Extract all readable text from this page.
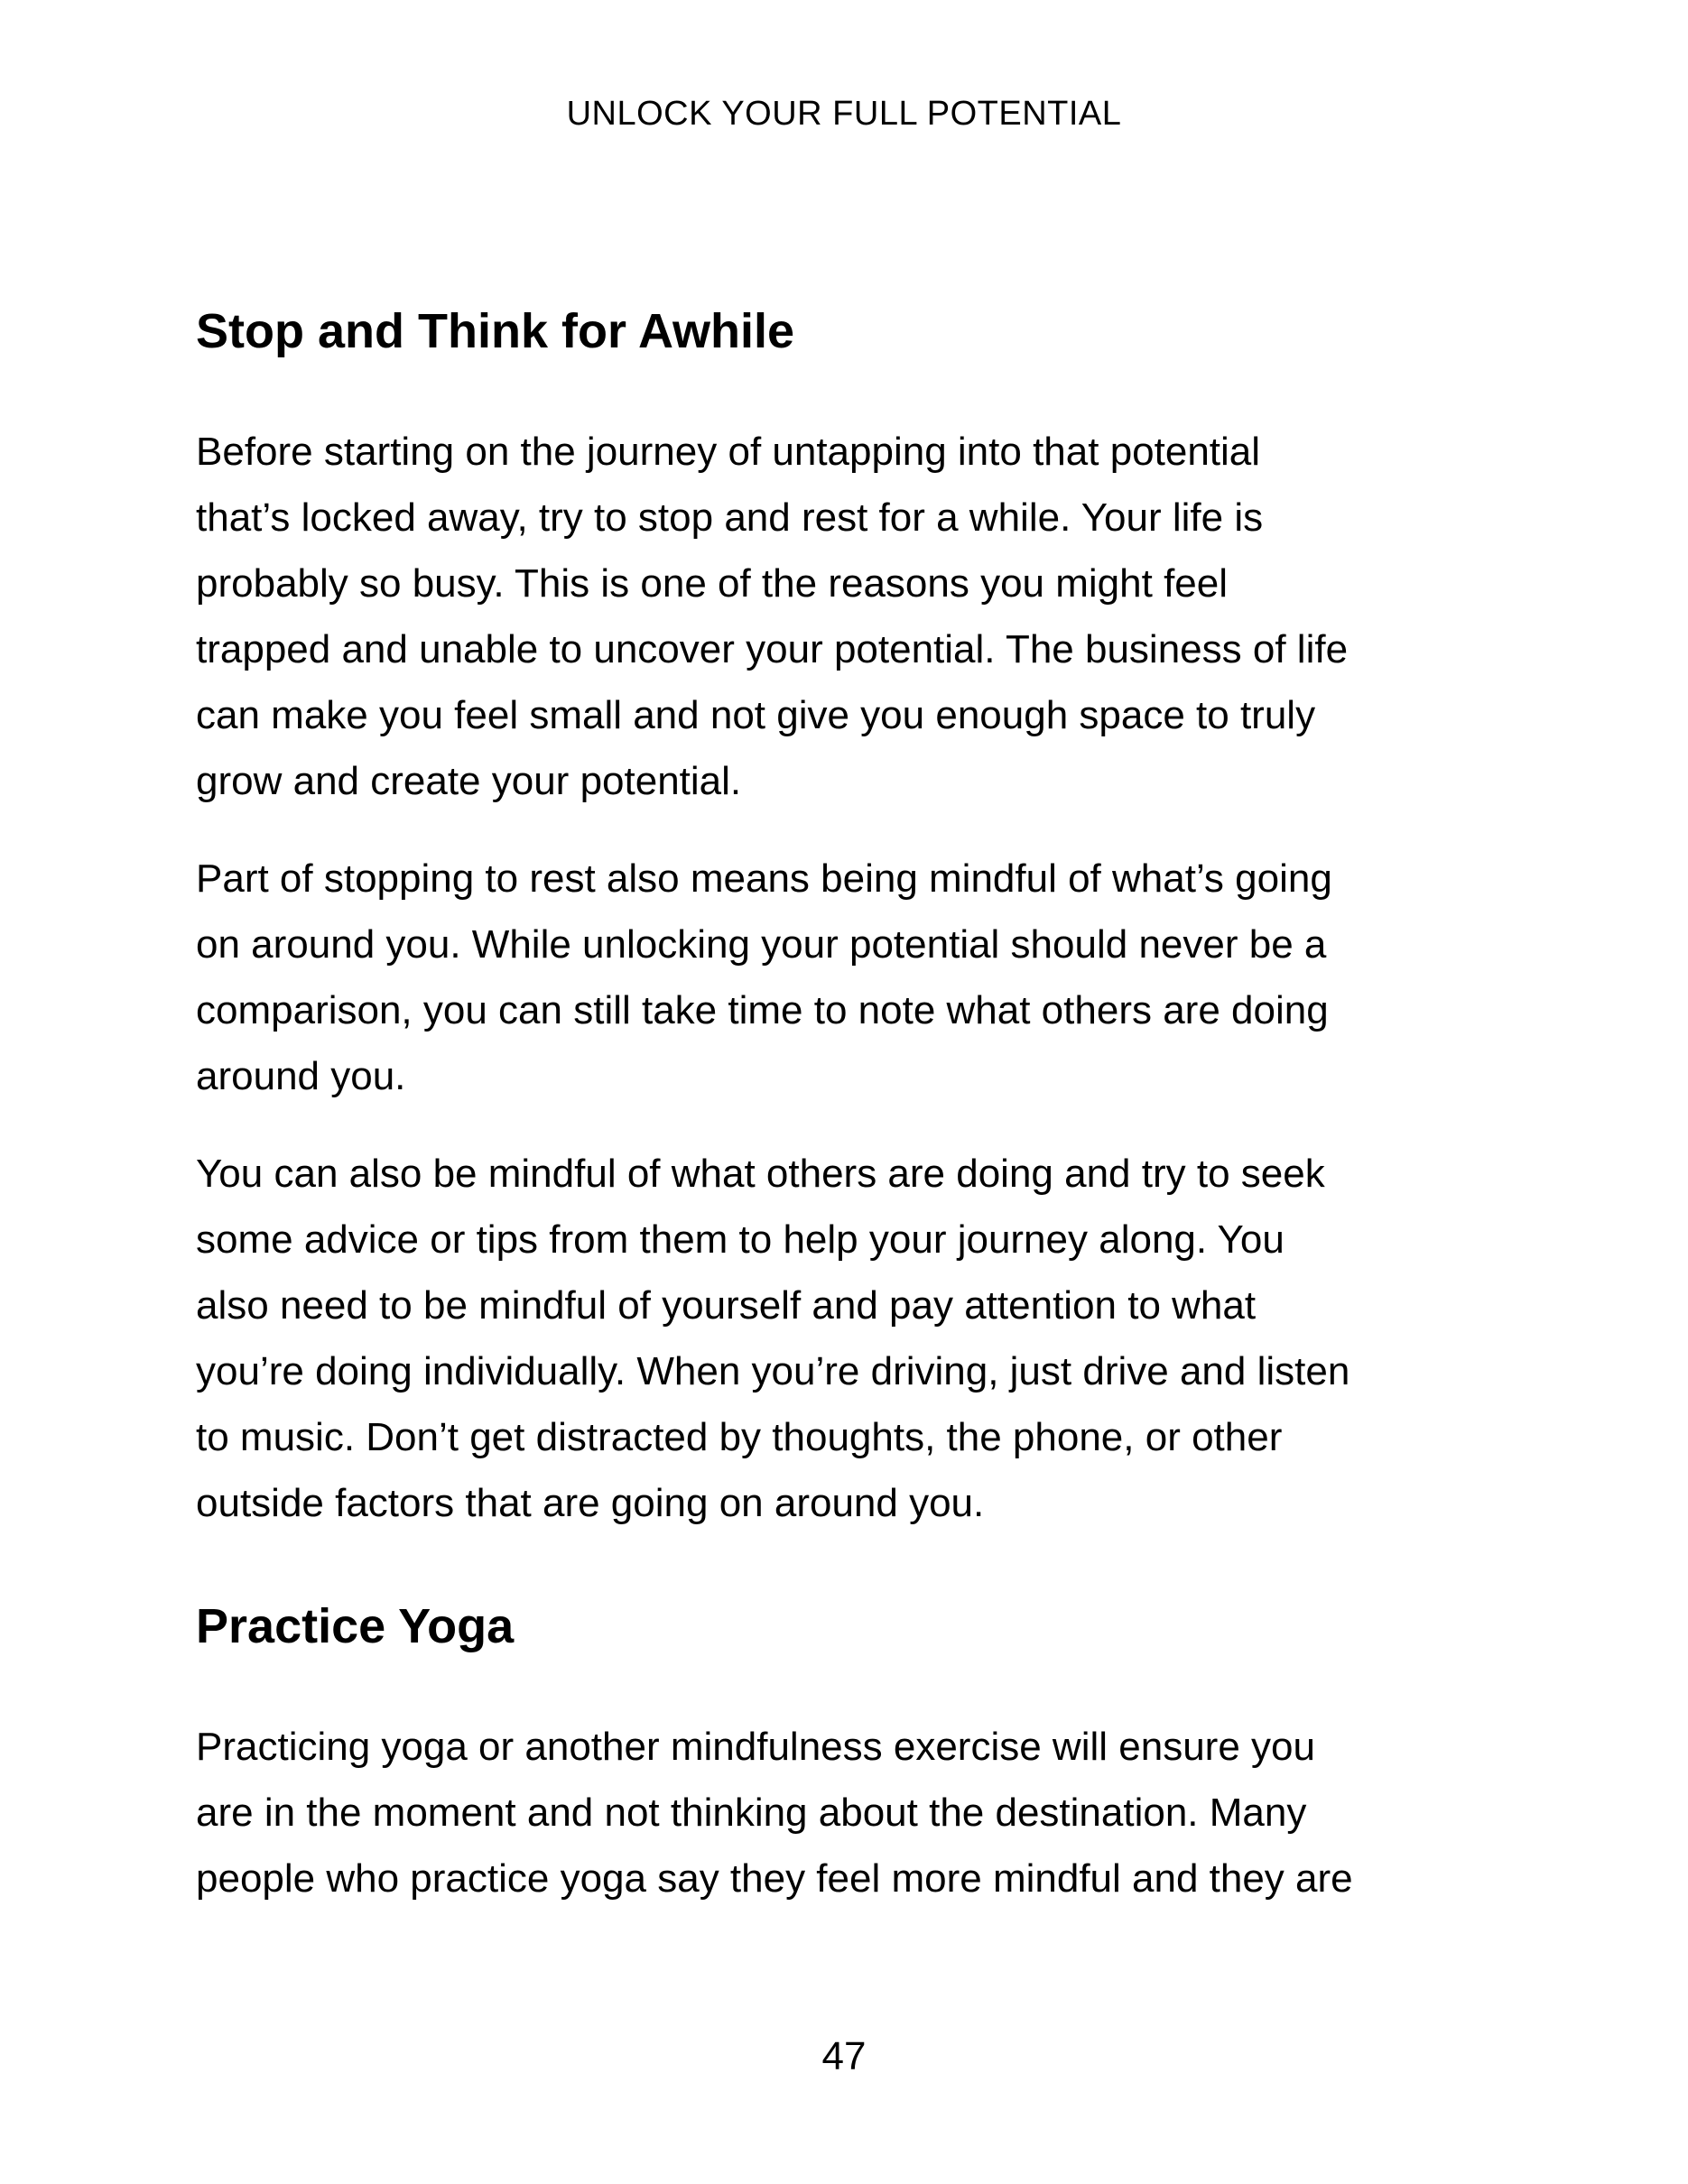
UNLOCK YOUR FULL POTENTIAL
Stop and Think for Awhile
Before starting on the journey of untapping into that potential
that’s locked away, try to stop and rest for a while. Your life is
probably so busy. This is one of the reasons you might feel
trapped and unable to uncover your potential. The business of life
can make you feel small and not give you enough space to truly
grow and create your potential.
Part of stopping to rest also means being mindful of what’s going
on around you. While unlocking your potential should never be a
comparison, you can still take time to note what others are doing
around you.
You can also be mindful of what others are doing and try to seek
some advice or tips from them to help your journey along. You
also need to be mindful of yourself and pay attention to what
you’re doing individually. When you’re driving, just drive and listen
to music. Don’t get distracted by thoughts, the phone, or other
outside factors that are going on around you.
Practice Yoga
Practicing yoga or another mindfulness exercise will ensure you
are in the moment and not thinking about the destination. Many
people who practice yoga say they feel more mindful and they are
47
